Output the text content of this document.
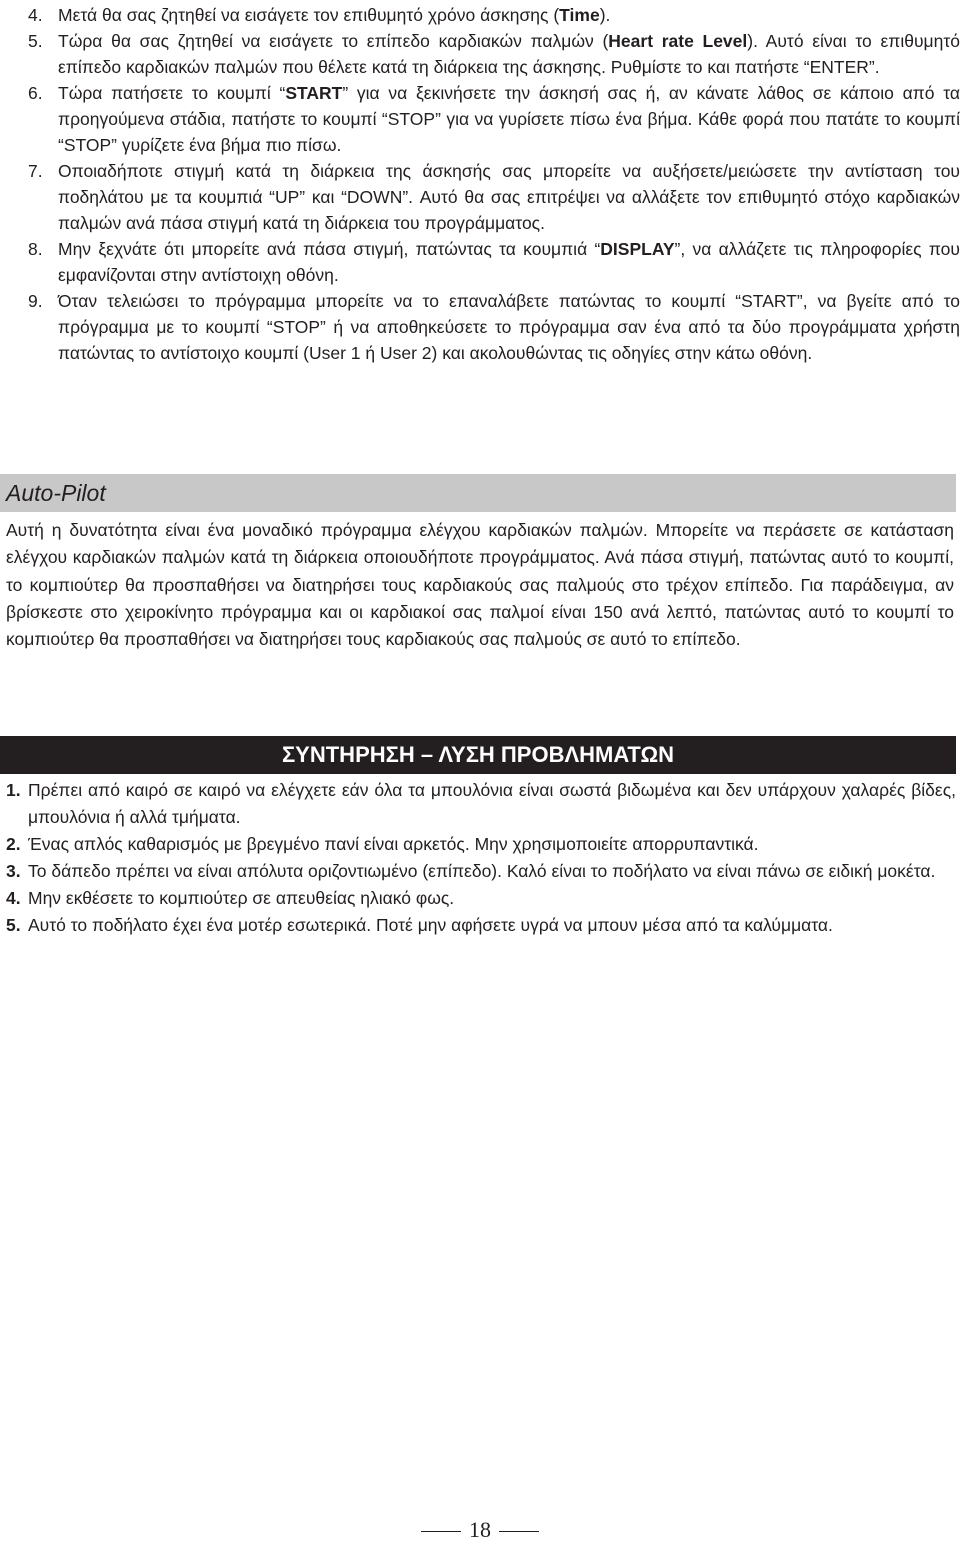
4. Μετά θα σας ζητηθεί να εισάγετε τον επιθυμητό χρόνο άσκησης (Time).
5. Τώρα θα σας ζητηθεί να εισάγετε το επίπεδο καρδιακών παλμών (Heart rate Level). Αυτό είναι το επιθυμητό επίπεδο καρδιακών παλμών που θέλετε κατά τη διάρκεια της άσκησης. Ρυθμίστε το και πατήστε “ENTER”.
6. Τώρα πατήσετε το κουμπί “START” για να ξεκινήσετε την άσκησή σας ή, αν κάνατε λάθος σε κάποιο από τα προηγούμενα στάδια, πατήστε το κουμπί “STOP” για να γυρίσετε πίσω ένα βήμα. Κάθε φορά που πατάτε το κουμπί “STOP” γυρίζετε ένα βήμα πιο πίσω.
7. Οποιαδήποτε στιγμή κατά τη διάρκεια της άσκησής σας μπορείτε να αυξήσετε/μειώσετε την αντίσταση του ποδηλάτου με τα κουμπιά “UP” και “DOWN”. Αυτό θα σας επιτρέψει να αλλάξετε τον επιθυμητό στόχο καρδιακών παλμών ανά πάσα στιγμή κατά τη διάρκεια του προγράμματος.
8. Μην ξεχνάτε ότι μπορείτε ανά πάσα στιγμή, πατώντας τα κουμπιά “DISPLAY”, να αλλάζετε τις πληροφορίες που εμφανίζονται στην αντίστοιχη οθόνη.
9. Όταν τελειώσει το πρόγραμμα μπορείτε να το επαναλάβετε πατώντας το κουμπί “START”, να βγείτε από το πρόγραμμα με το κουμπί “STOP” ή να αποθηκεύσετε το πρόγραμμα σαν ένα από τα δύο προγράμματα χρήστη πατώντας το αντίστοιχο κουμπί (User 1 ή User 2) και ακολουθώντας τις οδηγίες στην κάτω οθόνη.
Auto-Pilot
Αυτή η δυνατότητα είναι ένα μοναδικό πρόγραμμα ελέγχου καρδιακών παλμών. Μπορείτε να περάσετε σε κατάσταση ελέγχου καρδιακών παλμών κατά τη διάρκεια οποιουδήποτε προγράμματος. Ανά πάσα στιγμή, πατώντας αυτό το κουμπί, το κομπιούτερ θα προσπαθήσει να διατηρήσει τους καρδιακούς σας παλμούς στο τρέχον επίπεδο. Για παράδειγμα, αν βρίσκεστε στο χειροκίνητο πρόγραμμα και οι καρδιακοί σας παλμοί είναι 150 ανά λεπτό, πατώντας αυτό το κουμπί το κομπιούτερ θα προσπαθήσει να διατηρήσει τους καρδιακούς σας παλμούς σε αυτό το επίπεδο.
ΣΥΝΤΗΡΗΣΗ – ΛΥΣΗ ΠΡΟΒΛΗΜΑΤΩΝ
1. Πρέπει από καιρό σε καιρό να ελέγχετε εάν όλα τα μπουλόνια είναι σωστά βιδωμένα και δεν υπάρχουν χαλαρές βίδες, μπουλόνια ή αλλά τμήματα.
2. Ένας απλός καθαρισμός με βρεγμένο πανί είναι αρκετός. Μην χρησιμοποιείτε απορρυπαντικά.
3. Το δάπεδο πρέπει να είναι απόλυτα οριζοντιωμένο (επίπεδο). Καλό είναι το ποδήλατο να είναι πάνω σε ειδική μοκέτα.
4. Μην εκθέσετε το κομπιούτερ σε απευθείας ηλιακό φως.
5. Αυτό το ποδήλατο έχει ένα μοτέρ εσωτερικά. Ποτέ μην αφήσετε υγρά να μπουν μέσα από τα καλύμματα.
18
